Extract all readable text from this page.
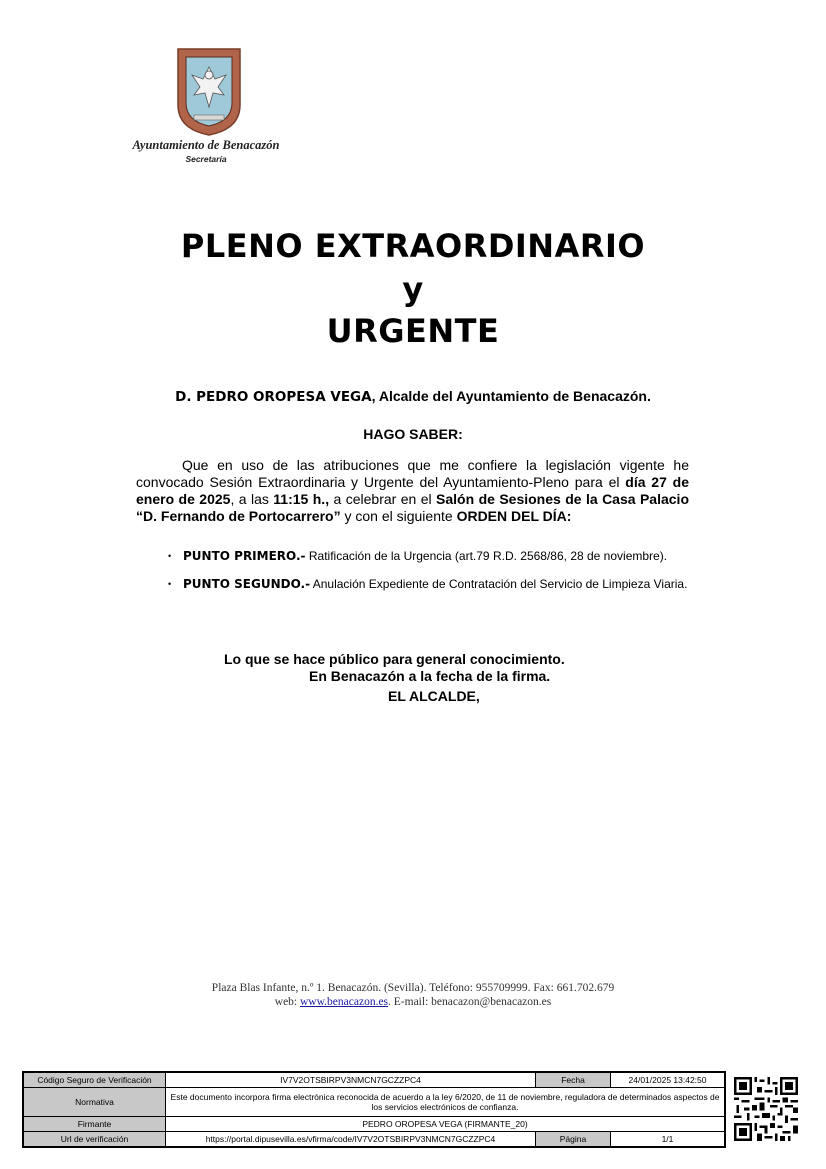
Ayuntamiento de Benacazón
Secretaría
PLENO EXTRAORDINARIO
y
URGENTE
D. PEDRO OROPESA VEGA, Alcalde del Ayuntamiento de Benacazón.
HAGO SABER:
Que en uso de las atribuciones que me confiere la legislación vigente he convocado Sesión Extraordinaria y Urgente del Ayuntamiento-Pleno para el día 27 de enero de 2025, a las 11:15 h., a celebrar en el Salón de Sesiones de la Casa Palacio “D. Fernando de Portocarrero” y con el siguiente ORDEN DEL DÍA:
• PUNTO PRIMERO.- Ratificación de la Urgencia (art.79 R.D. 2568/86, 28 de noviembre).
• PUNTO SEGUNDO.- Anulación Expediente de Contratación del Servicio de Limpieza Viaria.
Lo que se hace público para general conocimiento.
En Benacazón a la fecha de la firma.
EL ALCALDE,
Plaza Blas Infante, n.º 1. Benacazón. (Sevilla). Teléfono: 955709999. Fax: 661.702.679
web: www.benacazon.es. E-mail: benacazon@benacazon.es
Código Seguro de Verificación	IV7V2OTSBIRPV3NMCN7GCZZPC4	Fecha	24/01/2025 13:42:50
Normativa	Este documento incorpora firma electrónica reconocida de acuerdo a la ley 6/2020, de 11 de noviembre, reguladora de determinados aspectos de los servicios electrónicos de confianza.		
Firmante	PEDRO OROPESA VEGA (FIRMANTE_20)		
Url de verificación	https://portal.dipusevilla.es/vfirma/code/IV7V2OTSBIRPV3NMCN7GCZZPC4	Página	1/1
